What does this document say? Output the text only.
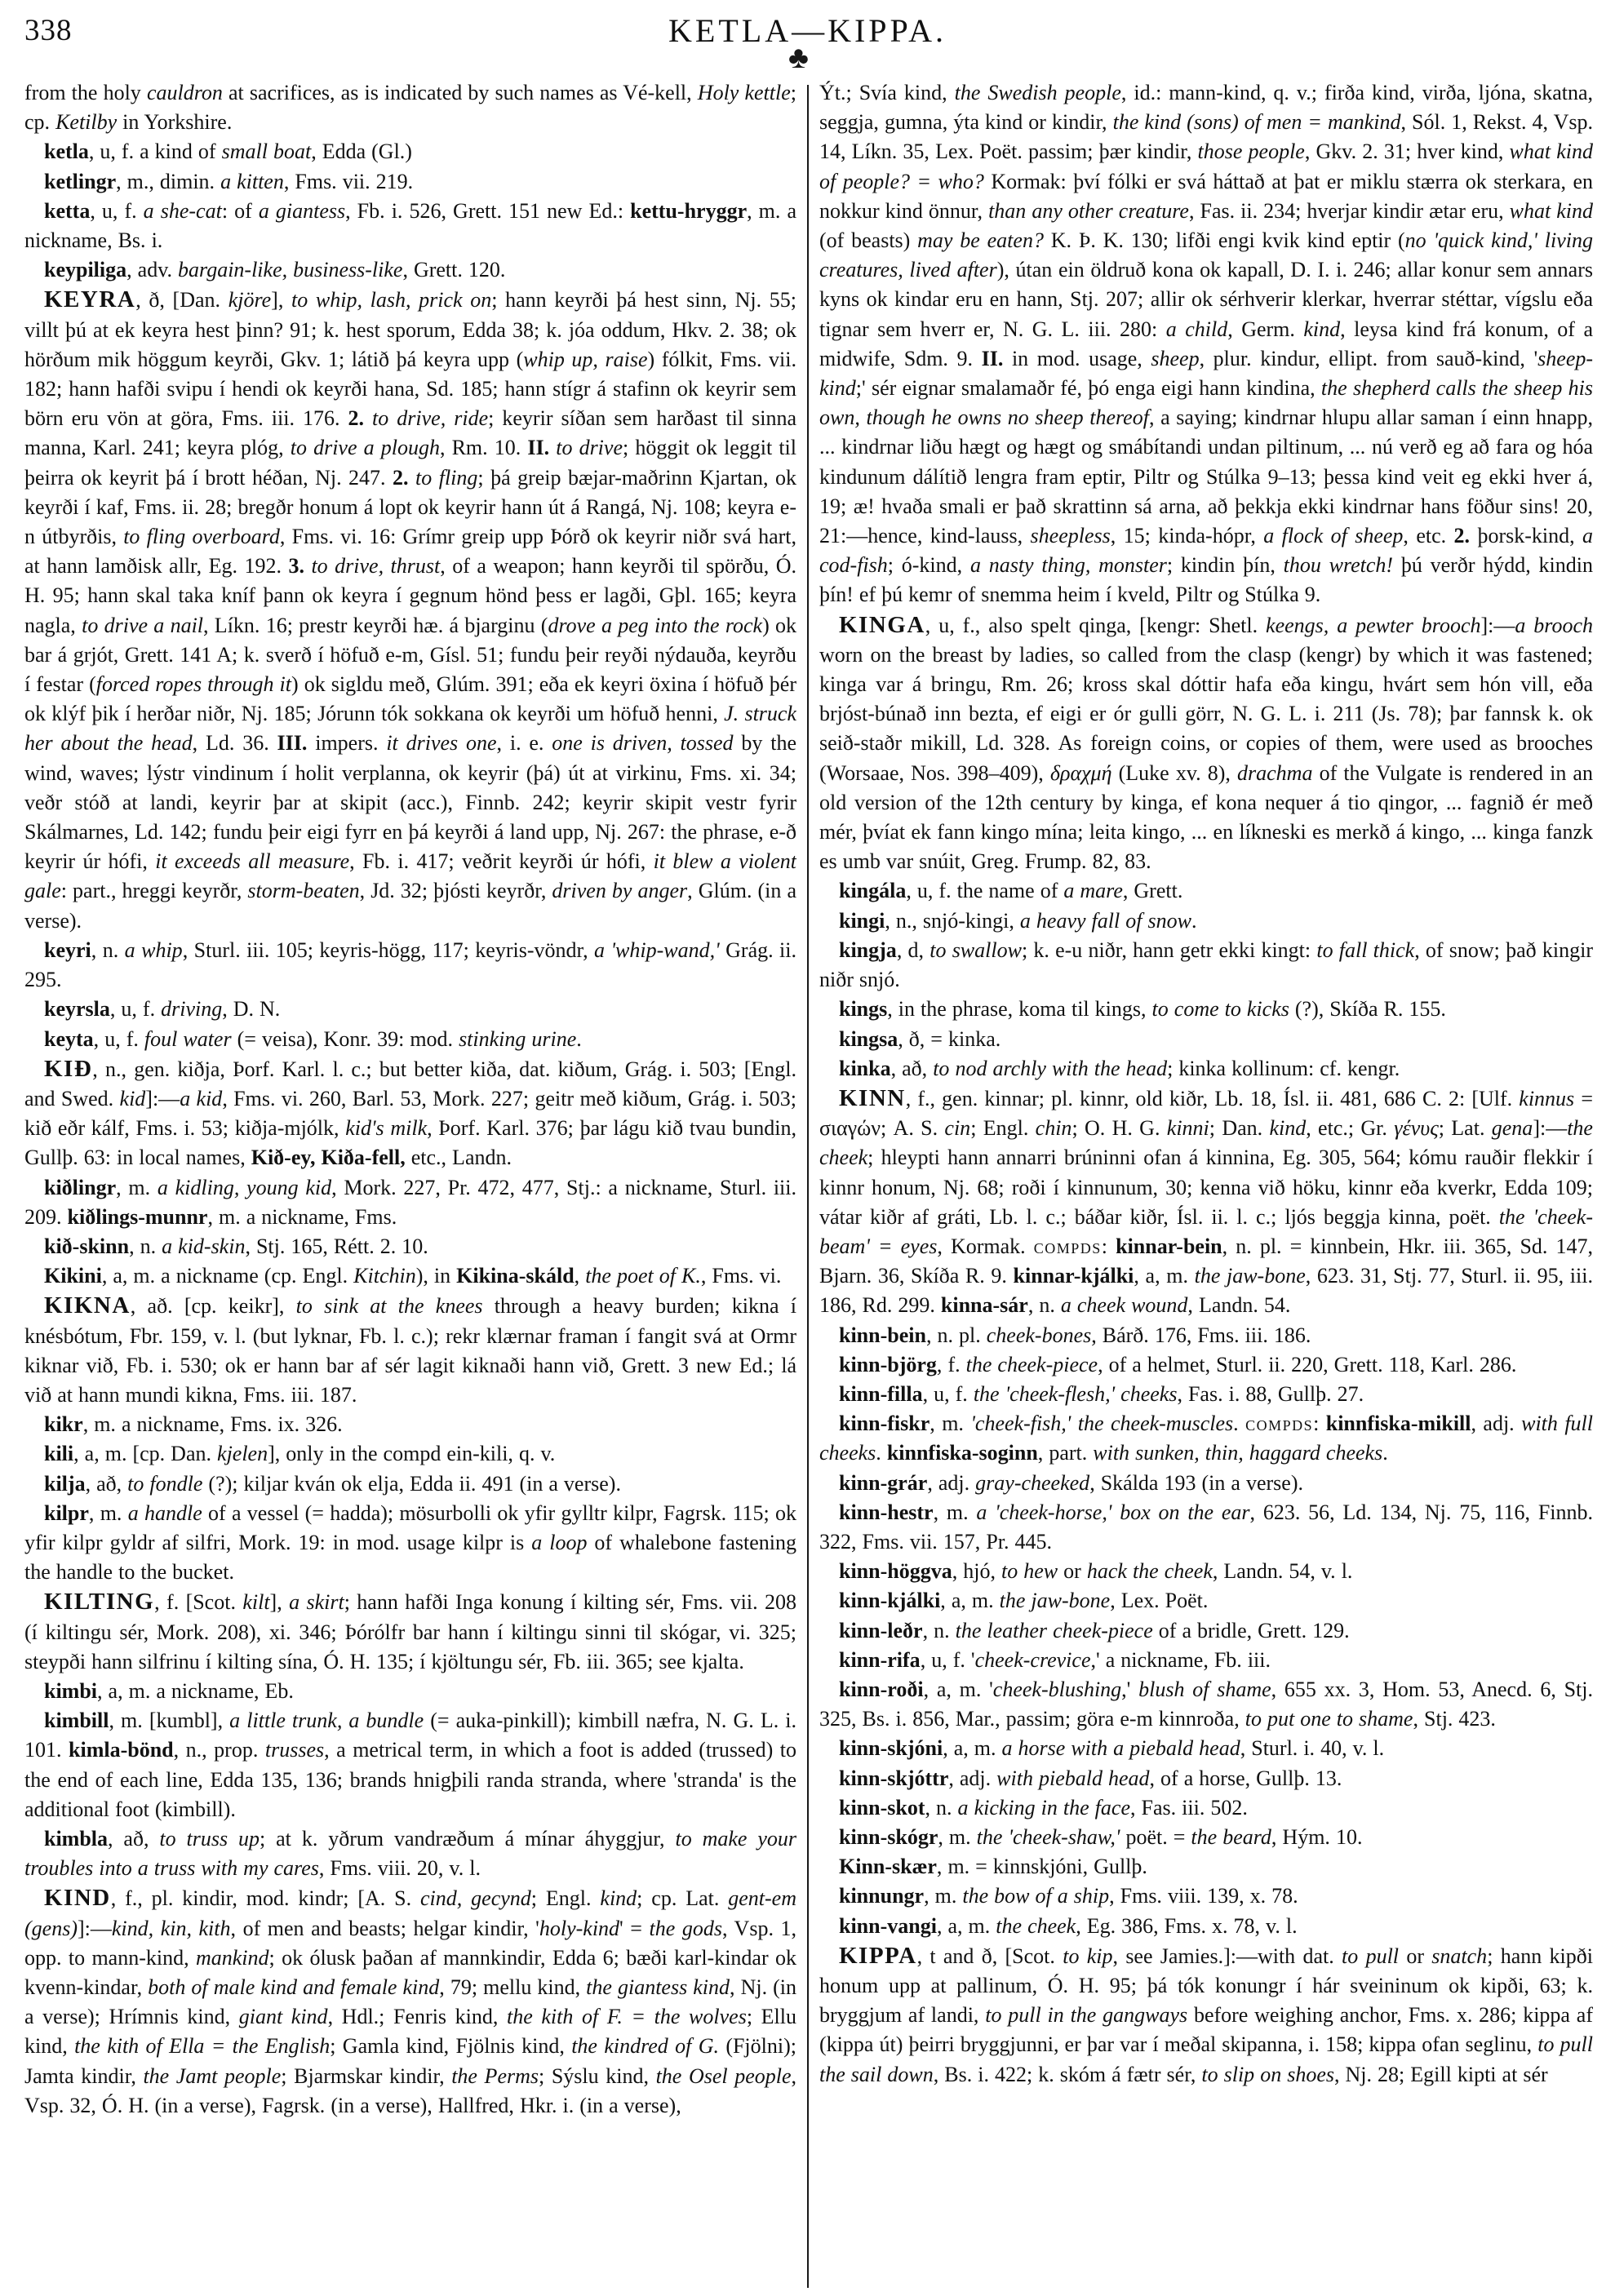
338	KETLA—KIPPA.
♣

from the holy cauldron at sacrifices, as is indicated by such names as Vé-kell, Holy kettle; cp. Ketilby in Yorkshire.

ketla, u, f. a kind of small boat, Edda (Gl.)

ketlingr, m., dimin. a kitten, Fms. vii. 219.

ketta, u, f. a she-cat: of a giantess, Fb. i. 526, Grett. 151 new Ed.: kettu-hryggr, m. a nickname, Bs. i.

keypiliga, adv. bargain-like, business-like, Grett. 120.

KEYRA, ð, [Dan. kjöre], to whip, lash, prick on; hann keyrði þá hest sinn, Nj. 55; villt þú at ek keyra hest þinn? 91; k. hest sporum, Edda 38; k. jóa oddum, Hkv. 2. 38; ok hörðum mik höggum keyrði, Gkv. 1; látið þá keyra upp (whip up, raise) fólkit, Fms. vii. 182; hann hafði svipu í hendi ok keyrði hana, Sd. 185; hann stígr á stafinn ok keyrir sem börn eru vön at göra, Fms. iii. 176. 2. to drive, ride; keyrir síðan sem harðast til sinna manna, Karl. 241; keyra plóg, to drive a plough, Rm. 10. II. to drive; höggit ok leggit til þeirra ok keyrit þá í brott héðan, Nj. 247. 2. to fling; þá greip bæjar-maðrinn Kjartan, ok keyrði í kaf, Fms. ii. 28; bregðr honum á lopt ok keyrir hann út á Rangá, Nj. 108; keyra e-n útbyrðis, to fling overboard, Fms. vi. 16: Grímr greip upp Þórð ok keyrir niðr svá hart, at hann lamðisk allr, Eg. 192. 3. to drive, thrust, of a weapon; hann keyrði til spörðu, Ó. H. 95; hann skal taka kníf þann ok keyra í gegnum hönd þess er lagði, Gþl. 165; keyra nagla, to drive a nail, Líkn. 16; prestr keyrði hæ. á bjarginu (drove a peg into the rock) ok bar á grjót, Grett. 141 A; k. sverð í höfuð e-m, Gísl. 51; fundu þeir reyði nýdauða, keyrðu í festar (forced ropes through it) ok sigldu með, Glúm. 391; eða ek keyri öxina í höfuð þér ok klýf þik í herðar niðr, Nj. 185; Jórunn tók sokkana ok keyrði um höfuð henni, J. struck her about the head, Ld. 36. III. impers. it drives one, i. e. one is driven, tossed by the wind, waves; lýstr vindinum í holit verplanna, ok keyrir (þá) út at virkinu, Fms. xi. 34; veðr stóð at landi, keyrir þar at skipit (acc.), Finnb. 242; keyrir skipit vestr fyrir Skálmarnes, Ld. 142; fundu þeir eigi fyrr en þá keyrði á land upp, Nj. 267: the phrase, e-ð keyrir úr hófi, it exceeds all measure, Fb. i. 417; veðrit keyrði úr hófi, it blew a violent gale: part., hreggi keyrðr, storm-beaten, Jd. 32; þjósti keyrðr, driven by anger, Glúm. (in a verse).

keyri, n. a whip, Sturl. iii. 105; keyris-högg, 117; keyris-vöndr, a 'whip-wand,' Grág. ii. 295.

keyrsla, u, f. driving, D. N.

keyta, u, f. foul water (= veisa), Konr. 39: mod. stinking urine.

KIÐ, n., gen. kiðja, Þorf. Karl. l. c.; but better kiða, dat. kiðum, Grág. i. 503; [Engl. and Swed. kid]:—a kid, Fms. vi. 260, Barl. 53, Mork. 227; geitr með kiðum, Grág. i. 503; kið eðr kálf, Fms. i. 53; kiðja-mjólk, kid's milk, Þorf. Karl. 376; þar lágu kið tvau bundin, Gullþ. 63: in local names, Kið-ey, Kiða-fell, etc., Landn.

kiðlingr, m. a kidling, young kid, Mork. 227, Pr. 472, 477, Stj.: a nickname, Sturl. iii. 209. kiðlings-munnr, m. a nickname, Fms.

kið-skinn, n. a kid-skin, Stj. 165, Rétt. 2. 10.

Kikini, a, m. a nickname (cp. Engl. Kitchin), in Kikina-skáld, the poet of K., Fms. vi.

KIKNA, að. [cp. keikr], to sink at the knees through a heavy burden; kikna í knésbótum, Fbr. 159, v. l. (but lyknar, Fb. l. c.); rekr klærnar framan í fangit svá at Ormr kiknar við, Fb. i. 530; ok er hann bar af sér lagit kiknaði hann við, Grett. 3 new Ed.; lá við at hann mundi kikna, Fms. iii. 187.

kikr, m. a nickname, Fms. ix. 326.

kili, a, m. [cp. Dan. kjelen], only in the compd ein-kili, q. v.

kilja, að, to fondle (?); kiljar kván ok elja, Edda ii. 491 (in a verse).

kilpr, m. a handle of a vessel (= hadda); mösurbolli ok yfir gylltr kilpr, Fagrsk. 115; ok yfir kilpr gyldr af silfri, Mork. 19: in mod. usage kilpr is a loop of whalebone fastening the handle to the bucket.

KILTING, f. [Scot. kilt], a skirt; hann hafði Inga konung í kilting sér, Fms. vii. 208 (í kiltingu sér, Mork. 208), xi. 346; Þórólfr bar hann í kiltingu sinni til skógar, vi. 325; steypði hann silfrinu í kilting sína, Ó. H. 135; í kjöltungu sér, Fb. iii. 365; see kjalta.

kimbi, a, m. a nickname, Eb.

kimbill, m. [kumbl], a little trunk, a bundle (= auka-pinkill); kimbill næfra, N. G. L. i. 101. kimla-bönd, n., prop. trusses, a metrical term, in which a foot is added (trussed) to the end of each line, Edda 135, 136; brands hnigþili randa stranda, where 'stranda' is the additional foot (kimbill).

kimbla, að, to truss up; at k. yðrum vandræðum á mínar áhyggjur, to make your troubles into a truss with my cares, Fms. viii. 20, v. l.

KIND, f., pl. kindir, mod. kindr; [A. S. cind, gecynd; Engl. kind; cp. Lat. gent-em (gens)]:—kind, kin, kith, of men and beasts; helgar kindir, 'holy-kind' = the gods, Vsp. 1, opp. to mann-kind, mankind; ok ólusk þaðan af mannkindir, Edda 6; bæði karl-kindar ok kvenn-kindar, both of male kind and female kind, 79; mellu kind, the giantess kind, Nj. (in a verse); Hrímnis kind, giant kind, Hdl.; Fenris kind, the kith of F. = the wolves; Ellu kind, the kith of Ella = the English; Gamla kind, Fjölnis kind, the kindred of G. (Fjölni); Jamta kindir, the Jamt people; Bjarmskar kindir, the Perms; Sýslu kind, the Osel people, Vsp. 32, Ó. H. (in a verse), Fagrsk. (in a verse), Hallfred, Hkr. i. (in a verse),

Ýt.; Svía kind, the Swedish people, id.: mann-kind, q. v.; firða kind, virða, ljóna, skatna, seggja, gumna, ýta kind or kindir, the kind (sons) of men = mankind, Sól. 1, Rekst. 4, Vsp. 14, Líkn. 35, Lex. Poët. passim; þær kindir, those people, Gkv. 2. 31; hver kind, what kind of people? = who? Kormak: því fólki er svá háttað at þat er miklu stærra ok sterkara, en nokkur kind önnur, than any other creature, Fas. ii. 234; hverjar kindir ætar eru, what kind (of beasts) may be eaten? K. Þ. K. 130; lifði engi kvik kind eptir (no 'quick kind,' living creatures, lived after), útan ein öldruð kona ok kapall, D. I. i. 246; allar konur sem annars kyns ok kindar eru en hann, Stj. 207; allir ok sérhverir klerkar, hverrar stéttar, vígslu eða tignar sem hverr er, N. G. L. iii. 280: a child, Germ. kind, leysa kind frá konum, of a midwife, Sdm. 9. II. in mod. usage, sheep, plur. kindur, ellipt. from sauð-kind, 'sheep-kind;' sér eignar smalamaðr fé, þó enga eigi hann kindina, the shepherd calls the sheep his own, though he owns no sheep thereof, a saying; kindrnar hlupu allar saman í einn hnapp, ... kindrnar liðu hægt og hægt og smábítandi undan piltinum, ... nú verð eg að fara og hóa kindunum dálítið lengra fram eptir, Piltr og Stúlka 9–13; þessa kind veit eg ekki hver á, 19; æ! hvaða smali er það skrattinn sá arna, að þekkja ekki kindrnar hans föður sins! 20, 21:—hence, kind-lauss, sheepless, 15; kinda-hópr, a flock of sheep, etc. 2. þorsk-kind, a cod-fish; ó-kind, a nasty thing, monster; kindin þín, thou wretch! þú verðr hýdd, kindin þín! ef þú kemr of snemma heim í kveld, Piltr og Stúlka 9.

KINGA, u, f., also spelt qinga, [kengr: Shetl. keengs, a pewter brooch]:—a brooch worn on the breast by ladies, so called from the clasp (kengr) by which it was fastened; kinga var á bringu, Rm. 26; kross skal dóttir hafa eða kingu, hvárt sem hón vill, eða brjóst-búnað inn bezta, ef eigi er ór gulli görr, N. G. L. i. 211 (Js. 78); þar fannsk k. ok seið-staðr mikill, Ld. 328. As foreign coins, or copies of them, were used as brooches (Worsaae, Nos. 398–409), δραχμή (Luke xv. 8), drachma of the Vulgate is rendered in an old version of the 12th century by kinga, ef kona nequer á tio qingor, ... fagnið ér með mér, þvíat ek fann kingo mína; leita kingo, ... en líkneski es merkð á kingo, ... kinga fanzk es umb var snúit, Greg. Frump. 82, 83.

kingála, u, f. the name of a mare, Grett.

kingi, n., snjó-kingi, a heavy fall of snow.

kingja, d, to swallow; k. e-u niðr, hann getr ekki kingt: to fall thick, of snow; það kingir niðr snjó.

kings, in the phrase, koma til kings, to come to kicks (?), Skíða R. 155.

kingsa, ð, = kinka.

kinka, að, to nod archly with the head; kinka kollinum: cf. kengr.

KINN, f., gen. kinnar; pl. kinnr, old kiðr, Lb. 18, Ísl. ii. 481, 686 C. 2: [Ulf. kinnus = σιαγών; A. S. cin; Engl. chin; O. H. G. kinni; Dan. kind, etc.; Gr. γένυς; Lat. gena]:—the cheek; hleypti hann annarri brúninni ofan á kinnina, Eg. 305, 564; kómu rauðir flekkir í kinnr honum, Nj. 68; roði í kinnunum, 30; kenna við höku, kinnr eða kverkr, Edda 109; vátar kiðr af gráti, Lb. l. c.; báðar kiðr, Ísl. ii. l. c.; ljós beggja kinna, poët. the 'cheek-beam' = eyes, Kormak. compds: kinnar-bein, n. pl. = kinnbein, Hkr. iii. 365, Sd. 147, Bjarn. 36, Skíða R. 9. kinnar-kjálki, a, m. the jaw-bone, 623. 31, Stj. 77, Sturl. ii. 95, iii. 186, Rd. 299. kinna-sár, n. a cheek wound, Landn. 54.

kinn-bein, n. pl. cheek-bones, Bárð. 176, Fms. iii. 186.

kinn-björg, f. the cheek-piece, of a helmet, Sturl. ii. 220, Grett. 118, Karl. 286.

kinn-filla, u, f. the 'cheek-flesh,' cheeks, Fas. i. 88, Gullþ. 27.

kinn-fiskr, m. 'cheek-fish,' the cheek-muscles. compds: kinnfiska-mikill, adj. with full cheeks. kinnfiska-soginn, part. with sunken, thin, haggard cheeks.

kinn-grár, adj. gray-cheeked, Skálda 193 (in a verse).

kinn-hestr, m. a 'cheek-horse,' box on the ear, 623. 56, Ld. 134, Nj. 75, 116, Finnb. 322, Fms. vii. 157, Pr. 445.

kinn-höggva, hjó, to hew or hack the cheek, Landn. 54, v. l.

kinn-kjálki, a, m. the jaw-bone, Lex. Poët.

kinn-leðr, n. the leather cheek-piece of a bridle, Grett. 129.

kinn-rifa, u, f. 'cheek-crevice,' a nickname, Fb. iii.

kinn-roði, a, m. 'cheek-blushing,' blush of shame, 655 xx. 3, Hom. 53, Anecd. 6, Stj. 325, Bs. i. 856, Mar., passim; göra e-m kinnroða, to put one to shame, Stj. 423.

kinn-skjóni, a, m. a horse with a piebald head, Sturl. i. 40, v. l.

kinn-skjóttr, adj. with piebald head, of a horse, Gullþ. 13.

kinn-skot, n. a kicking in the face, Fas. iii. 502.

kinn-skógr, m. the 'cheek-shaw,' poët. = the beard, Hým. 10.

Kinn-skær, m. = kinnskjóni, Gullþ.

kinnungr, m. the bow of a ship, Fms. viii. 139, x. 78.

kinn-vangi, a, m. the cheek, Eg. 386, Fms. x. 78, v. l.

KIPPA, t and ð, [Scot. to kip, see Jamies.]:—with dat. to pull or snatch; hann kipði honum upp at pallinum, Ó. H. 95; þá tók konungr í hár sveininum ok kipði, 63; k. bryggjum af landi, to pull in the gangways before weighing anchor, Fms. x. 286; kippa af (kippa út) þeirri bryggjunni, er þar var í meðal skipanna, i. 158; kippa ofan seglinu, to pull the sail down, Bs. i. 422; k. skóm á fætr sér, to slip on shoes, Nj. 28; Egill kipti at sér
